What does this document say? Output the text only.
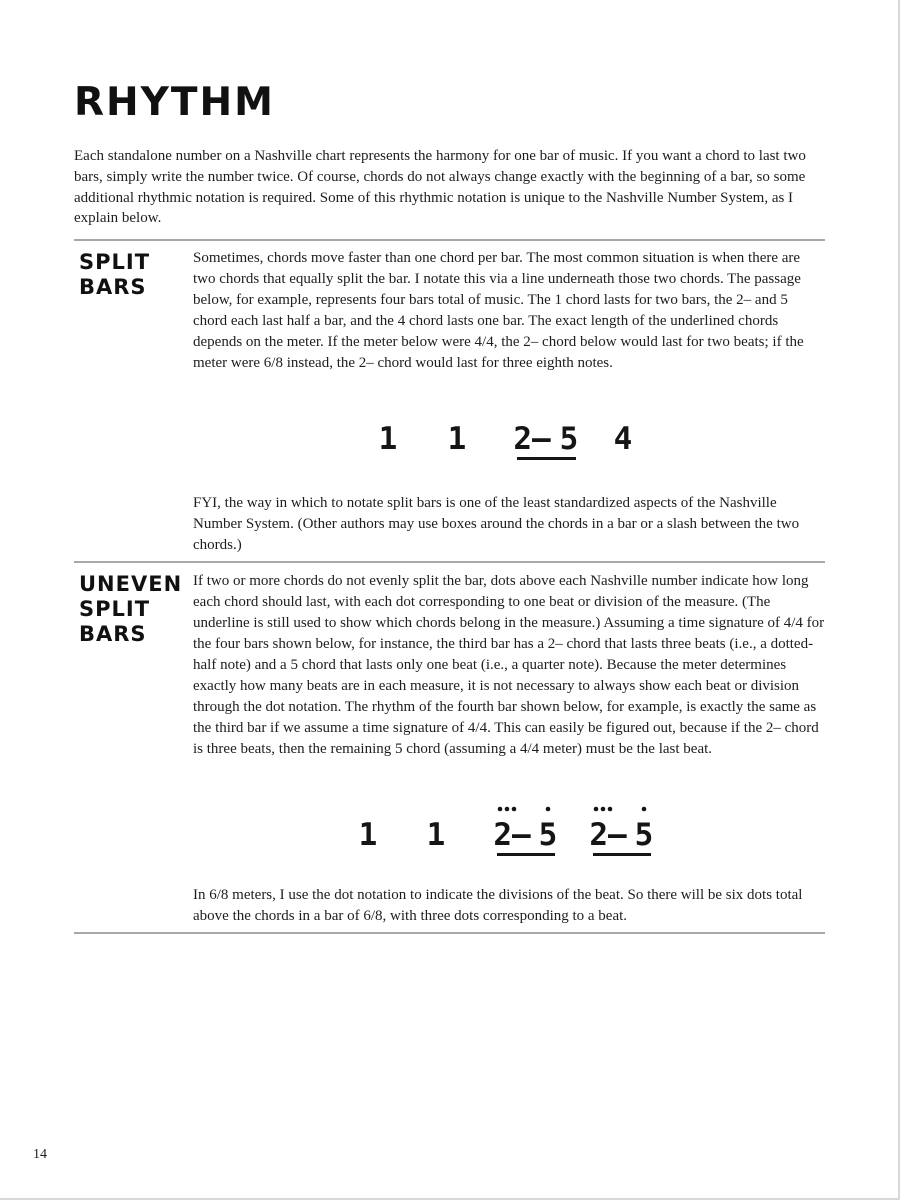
RHYTHM

Each standalone number on a Nashville chart represents the harmony for one bar of music. If you want a chord to last two bars, simply write the number twice. Of course, chords do not always change exactly with the beginning of a bar, so some additional rhythmic notation is required. Some of this rhythmic notation is unique to the Nashville Number System, as I explain below.

SPLIT
BARS

Sometimes, chords move faster than one chord per bar. The most common situation is when there are two chords that equally split the bar. I notate this via a line underneath those two chords. The passage below, for example, represents four bars total of music. The 1 chord lasts for two bars, the 2– and 5 chord each last half a bar, and the 4 chord lasts one bar. The exact length of the underlined chords depends on the meter. If the meter below were 4/4, the 2– chord below would last for two beats; if the meter were 6/8 instead, the 2– chord would last for three eighth notes.

1 1 2– 5 4

FYI, the way in which to notate split bars is one of the least standardized aspects of the Nashville Number System. (Other authors may use boxes around the chords in a bar or a slash between the two chords.)

UNEVEN
SPLIT
BARS

If two or more chords do not evenly split the bar, dots above each Nashville number indicate how long each chord should last, with each dot corresponding to one beat or division of the measure. (The underline is still used to show which chords belong in the measure.) Assuming a time signature of 4/4 for the four bars shown below, for instance, the third bar has a 2– chord that lasts three beats (i.e., a dotted-half note) and a 5 chord that lasts only one beat (i.e., a quarter note). Because the meter determines exactly how many beats are in each measure, it is not necessary to always show each beat or division through the dot notation. The rhythm of the fourth bar shown below, for example, is exactly the same as the third bar if we assume a time signature of 4/4. This can easily be figured out, because if the 2– chord is three beats, then the remaining 5 chord (assuming a 4/4 meter) must be the last beat.

1 1 2– 5 2– 5

In 6/8 meters, I use the dot notation to indicate the divisions of the beat. So there will be six dots total above the chords in a bar of 6/8, with three dots corresponding to a beat.

14
